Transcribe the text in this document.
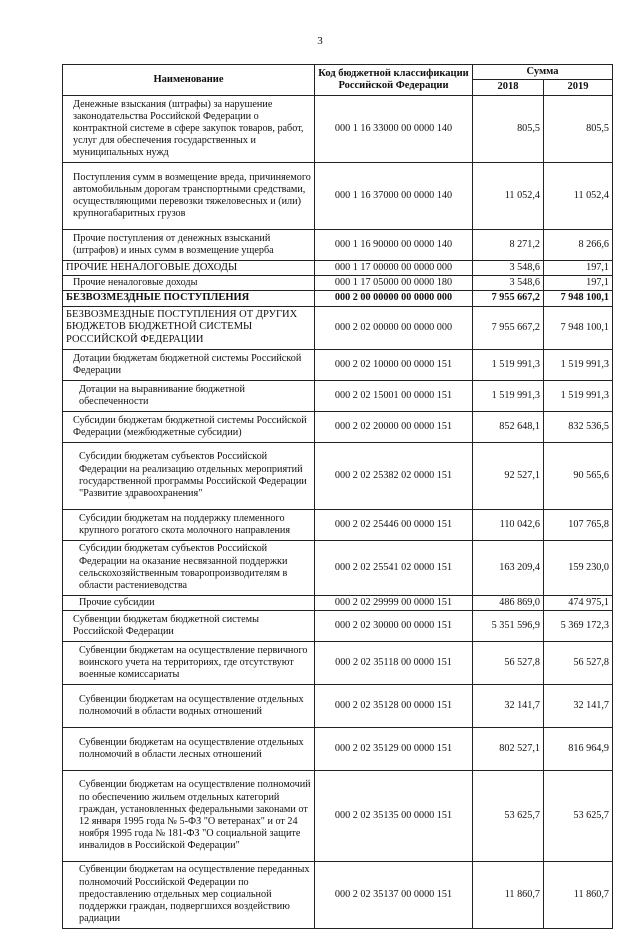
3
Наименование	Код бюджетной классификации Российской Федерации	Сумма	
		2018	2019
Денежные взыскания (штрафы) за нарушение законодательства Российской Федерации о контрактной системе в сфере закупок товаров, работ, услуг для обеспечения государственных и муниципальных нужд	000 1 16 33000 00 0000 140	805,5	805,5
Поступления сумм в возмещение вреда, причиняемого автомобильным дорогам транспортными средствами, осуществляющими перевозки тяжеловесных и (или) крупногабаритных грузов	000 1 16 37000 00 0000 140	11 052,4	11 052,4
Прочие поступления от денежных взысканий (штрафов) и иных сумм в возмещение ущерба	000 1 16 90000 00 0000 140	8 271,2	8 266,6
ПРОЧИЕ НЕНАЛОГОВЫЕ ДОХОДЫ	000 1 17 00000 00 0000 000	3 548,6	197,1
Прочие неналоговые доходы	000 1 17 05000 00 0000 180	3 548,6	197,1
БЕЗВОЗМЕЗДНЫЕ ПОСТУПЛЕНИЯ	000 2 00 00000 00 0000 000	7 955 667,2	7 948 100,1
БЕЗВОЗМЕЗДНЫЕ ПОСТУПЛЕНИЯ ОТ ДРУГИХ БЮДЖЕТОВ БЮДЖЕТНОЙ СИСТЕМЫ РОССИЙСКОЙ ФЕДЕРАЦИИ	000 2 02 00000 00 0000 000	7 955 667,2	7 948 100,1
Дотации бюджетам бюджетной системы Российской Федерации	000 2 02 10000 00 0000 151	1 519 991,3	1 519 991,3
Дотации на выравнивание бюджетной обеспеченности	000 2 02 15001 00 0000 151	1 519 991,3	1 519 991,3
Субсидии бюджетам бюджетной системы Российской Федерации (межбюджетные субсидии)	000 2 02 20000 00 0000 151	852 648,1	832 536,5
Субсидии бюджетам субъектов Российской Федерации на реализацию отдельных мероприятий государственной программы Российской Федерации "Развитие здравоохранения"	000 2 02 25382 02 0000 151	92 527,1	90 565,6
Субсидии бюджетам на поддержку племенного крупного рогатого скота молочного направления	000 2 02 25446 00 0000 151	110 042,6	107 765,8
Субсидии бюджетам субъектов Российской Федерации на оказание несвязанной поддержки сельскохозяйственным товаропроизводителям в области растениеводства	000 2 02 25541 02 0000 151	163 209,4	159 230,0
Прочие субсидии	000 2 02 29999 00 0000 151	486 869,0	474 975,1
Субвенции бюджетам бюджетной системы Российской Федерации	000 2 02 30000 00 0000 151	5 351 596,9	5 369 172,3
Субвенции бюджетам на осуществление первичного воинского учета на территориях, где отсутствуют военные комиссариаты	000 2 02 35118 00 0000 151	56 527,8	56 527,8
Субвенции бюджетам на осуществление отдельных полномочий в области водных отношений	000 2 02 35128 00 0000 151	32 141,7	32 141,7
Субвенции бюджетам на осуществление отдельных полномочий в области лесных отношений	000 2 02 35129 00 0000 151	802 527,1	816 964,9
Субвенции бюджетам на осуществление полномочий по обеспечению жильем отдельных категорий граждан, установленных федеральными законами от 12 января 1995 года № 5-ФЗ "О ветеранах" и от 24 ноября 1995 года № 181-ФЗ "О социальной защите инвалидов в Российской Федерации"	000 2 02 35135 00 0000 151	53 625,7	53 625,7
Субвенции бюджетам на осуществление переданных полномочий Российской Федерации по предоставлению отдельных мер социальной поддержки граждан, подвергшихся воздействию радиации	000 2 02 35137 00 0000 151	11 860,7	11 860,7
